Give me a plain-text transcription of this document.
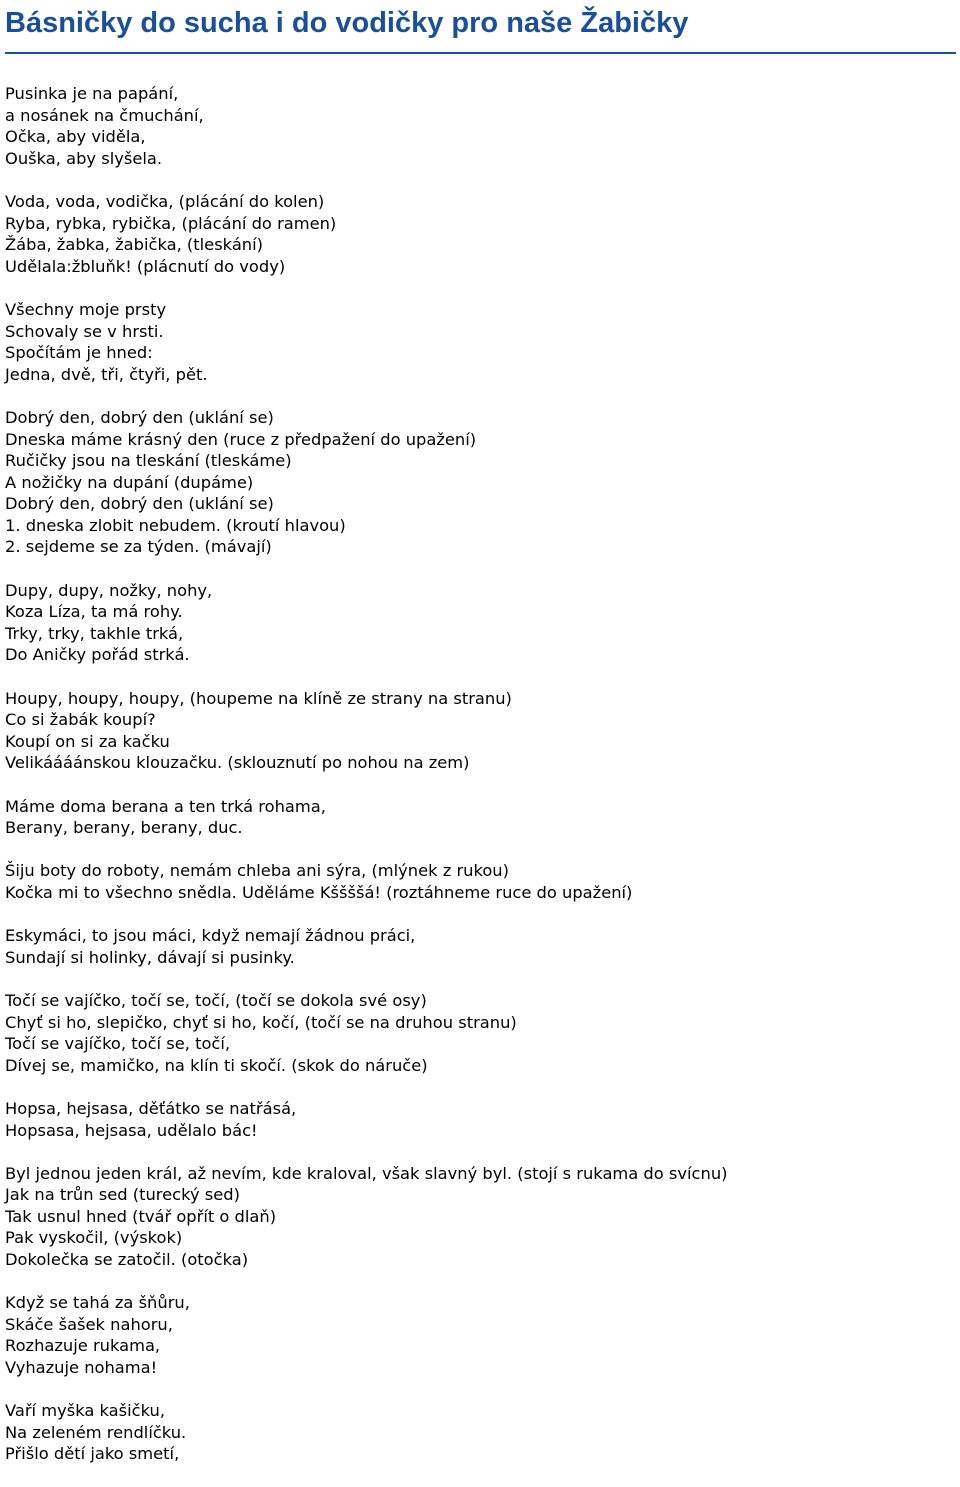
Básničky do sucha i do vodičky pro naše Žabičky
Pusinka je na papání,
a nosánek na čmuchání,
Očka, aby viděla,
Ouška, aby slyšela.
Voda, voda, vodička, (plácání do kolen)
Ryba, rybka, rybička, (plácání do ramen)
Žába, žabka, žabička, (tleskání)
Udělala:žbluňk! (plácnutí do vody)
Všechny moje prsty
Schovaly se v hrsti.
Spočítám je hned:
Jedna, dvě, tři, čtyři, pět.
Dobrý den, dobrý den (uklání se)
Dneska máme krásný den (ruce z předpažení do upažení)
Ručičky jsou na tleskání (tleskáme)
A nožičky na dupání (dupáme)
Dobrý den, dobrý den (uklání se)
1. dneska zlobit nebudem. (kroutí hlavou)
2. sejdeme se za týden. (mávají)
Dupy, dupy, nožky, nohy,
Koza Líza, ta má rohy.
Trky, trky, takhle trká,
Do Aničky pořád strká.
Houpy, houpy, houpy, (houpeme na klíně ze strany na stranu)
Co si žabák koupí?
Koupí on si za kačku
Velikáááánskou klouzačku. (sklouznutí po nohou na zem)
Máme doma berana a ten trká rohama,
Berany, berany, berany, duc.
Šiju boty do roboty, nemám chleba ani sýra, (mlýnek z rukou)
Kočka mi to všechno snědla. Uděláme Kššššá! (roztáhneme ruce do upažení)
Eskymáci, to jsou máci, když nemají žádnou práci,
Sundají si holinky, dávají si pusinky.
Točí se vajíčko, točí se, točí, (točí se dokola své osy)
Chyť si ho, slepičko, chyť si ho, kočí, (točí se na druhou stranu)
Točí se vajíčko, točí se, točí,
Dívej se, mamičko, na klín ti skočí. (skok do náruče)
Hopsa, hejsasa, děťátko se natřásá,
Hopsasa, hejsasa, udělalo bác!
Byl jednou jeden král, až nevím, kde kraloval, však slavný byl. (stojí s rukama do svícnu)
Jak na trůn sed (turecký sed)
Tak usnul hned (tvář opřít o dlaň)
Pak vyskočil, (výskok)
Dokolečka se zatočil. (otočka)
Když se tahá za šňůru,
Skáče šašek nahoru,
Rozhazuje rukama,
Vyhazuje nohama!
Vaří myška kašičku,
Na zeleném rendlíčku.
Přišlo dětí jako smetí,
